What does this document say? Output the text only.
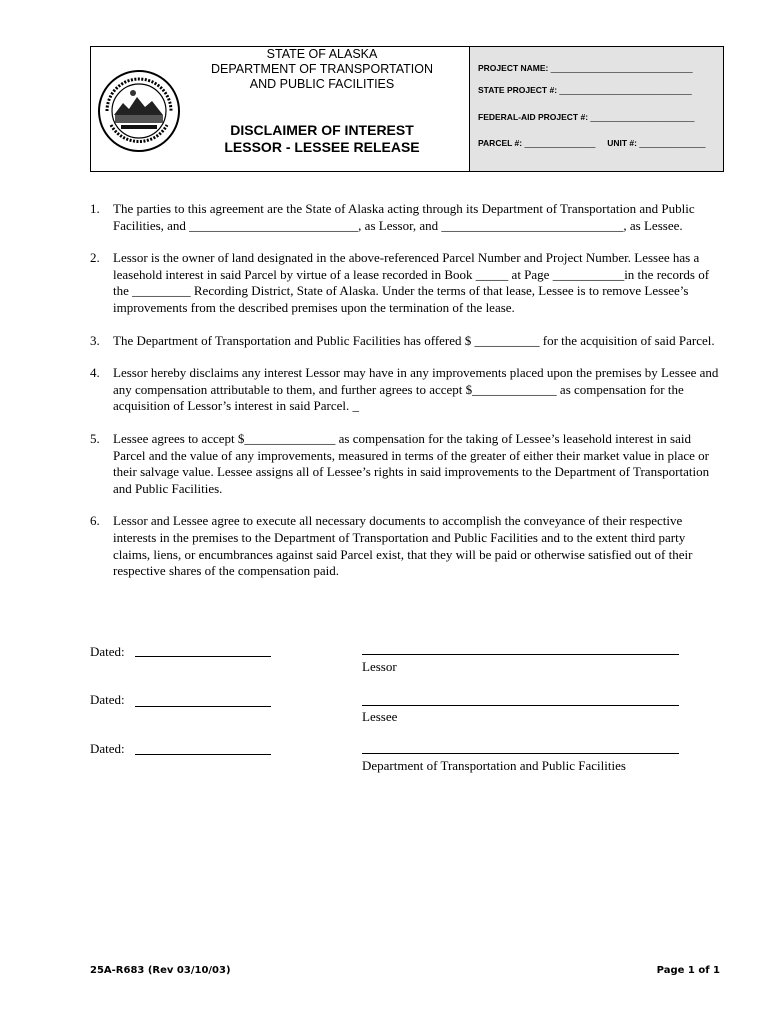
STATE OF ALASKA
DEPARTMENT OF TRANSPORTATION
AND PUBLIC FACILITIES
DISCLAIMER OF INTEREST
LESSOR - LESSEE RELEASE
PROJECT NAME: ______________________________
STATE PROJECT #: ____________________________
FEDERAL-AID PROJECT #: ______________________
PARCEL #: _______________ UNIT #: ______________
1.	The parties to this agreement are the State of Alaska acting through its Department of Transportation and Public Facilities, and __________________________, as Lessor, and ____________________________, as Lessee.
2.	Lessor is the owner of land designated in the above-referenced Parcel Number and Project Number. Lessee has a leasehold interest in said Parcel by virtue of a lease recorded in Book _____ at Page ___________in the records of the _________ Recording District, State of Alaska. Under the terms of that lease, Lessee is to remove Lessee’s improvements from the described premises upon the termination of the lease.
3.	The Department of Transportation and Public Facilities has offered $ __________ for the acquisition of said Parcel.
4.	Lessor hereby disclaims any interest Lessor may have in any improvements placed upon the premises by Lessee and any compensation attributable to them, and further agrees to accept $_____________ as compensation for the acquisition of Lessor’s interest in said Parcel. _
5.	Lessee agrees to accept $______________ as compensation for the taking of Lessee’s leasehold interest in said Parcel and the value of any improvements, measured in terms of the greater of either their market value in place or their salvage value. Lessee assigns all of Lessee’s rights in said improvements to the Department of Transportation and Public Facilities.
6.	Lessor and Lessee agree to execute all necessary documents to accomplish the conveyance of their respective interests in the premises to the Department of Transportation and Public Facilities and to the extent third party claims, liens, or encumbrances against said Parcel exist, that they will be paid or otherwise satisfied out of their respective shares of the compensation paid.
Dated:
Lessor
Dated:
Lessee
Dated:
Department of Transportation and Public Facilities
25A-R683 (Rev 03/10/03)	Page 1 of 1
